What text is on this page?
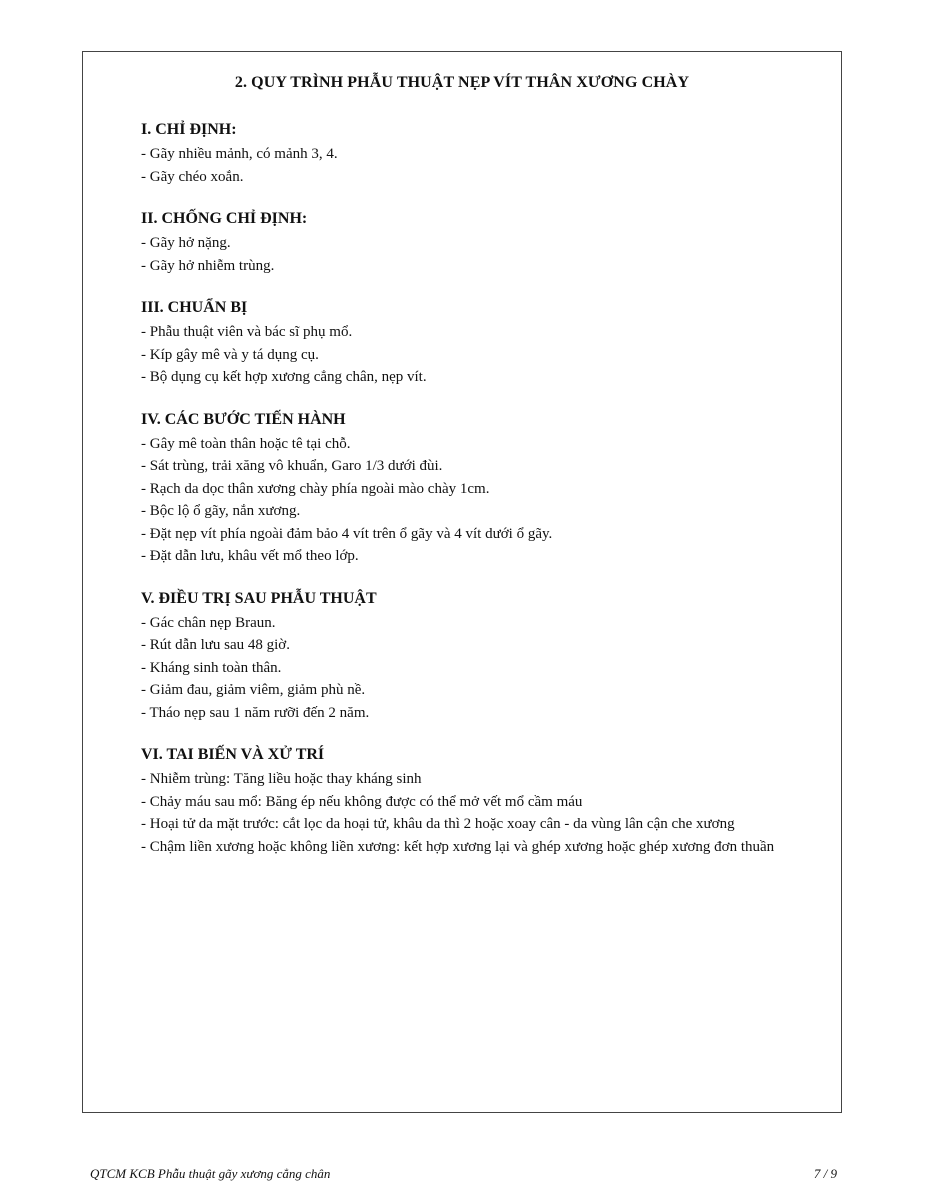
2. QUY TRÌNH PHẪU THUẬT NẸP VÍT THÂN XƯƠNG CHÀY
I. CHỈ ĐỊNH:
- Gãy nhiều mảnh, có mảnh 3, 4.
- Gãy chéo xoắn.
II. CHỐNG CHỈ ĐỊNH:
- Gãy hở nặng.
- Gãy hở nhiễm trùng.
III. CHUẨN BỊ
- Phẫu thuật viên và bác sĩ phụ mổ.
- Kíp gây mê và y tá dụng cụ.
- Bộ dụng cụ kết hợp xương cẳng chân, nẹp vít.
IV. CÁC BƯỚC TIẾN HÀNH
- Gây mê toàn thân hoặc tê tại chỗ.
- Sát trùng, trải xăng vô khuẩn, Garo 1/3 dưới đùi.
- Rạch da dọc thân xương chày phía ngoài mào chày 1cm.
- Bộc lộ ổ gãy, nắn xương.
- Đặt nẹp vít phía ngoài đảm bảo 4 vít trên ổ gãy và 4 vít dưới ổ gãy.
- Đặt dẫn lưu, khâu vết mổ theo lớp.
V. ĐIỀU TRỊ SAU PHẪU THUẬT
- Gác chân nẹp Braun.
- Rút dẫn lưu sau 48 giờ.
- Kháng sinh toàn thân.
- Giảm đau, giảm viêm, giảm phù nề.
- Tháo nẹp sau 1 năm rưỡi đến 2 năm.
VI. TAI BIẾN VÀ XỬ TRÍ
- Nhiễm trùng: Tăng liều hoặc thay kháng sinh
- Chảy máu sau mổ: Băng ép nếu không được có thể mở vết mổ cầm máu
- Hoại tử da mặt trước: cắt lọc da hoại tử, khâu da thì 2 hoặc xoay cân - da vùng lân cận che xương
- Chậm liền xương hoặc không liền xương: kết hợp xương lại và ghép xương hoặc ghép xương đơn thuần
QTCM KCB Phẫu thuật gãy xương cẳng chân	7 / 9
